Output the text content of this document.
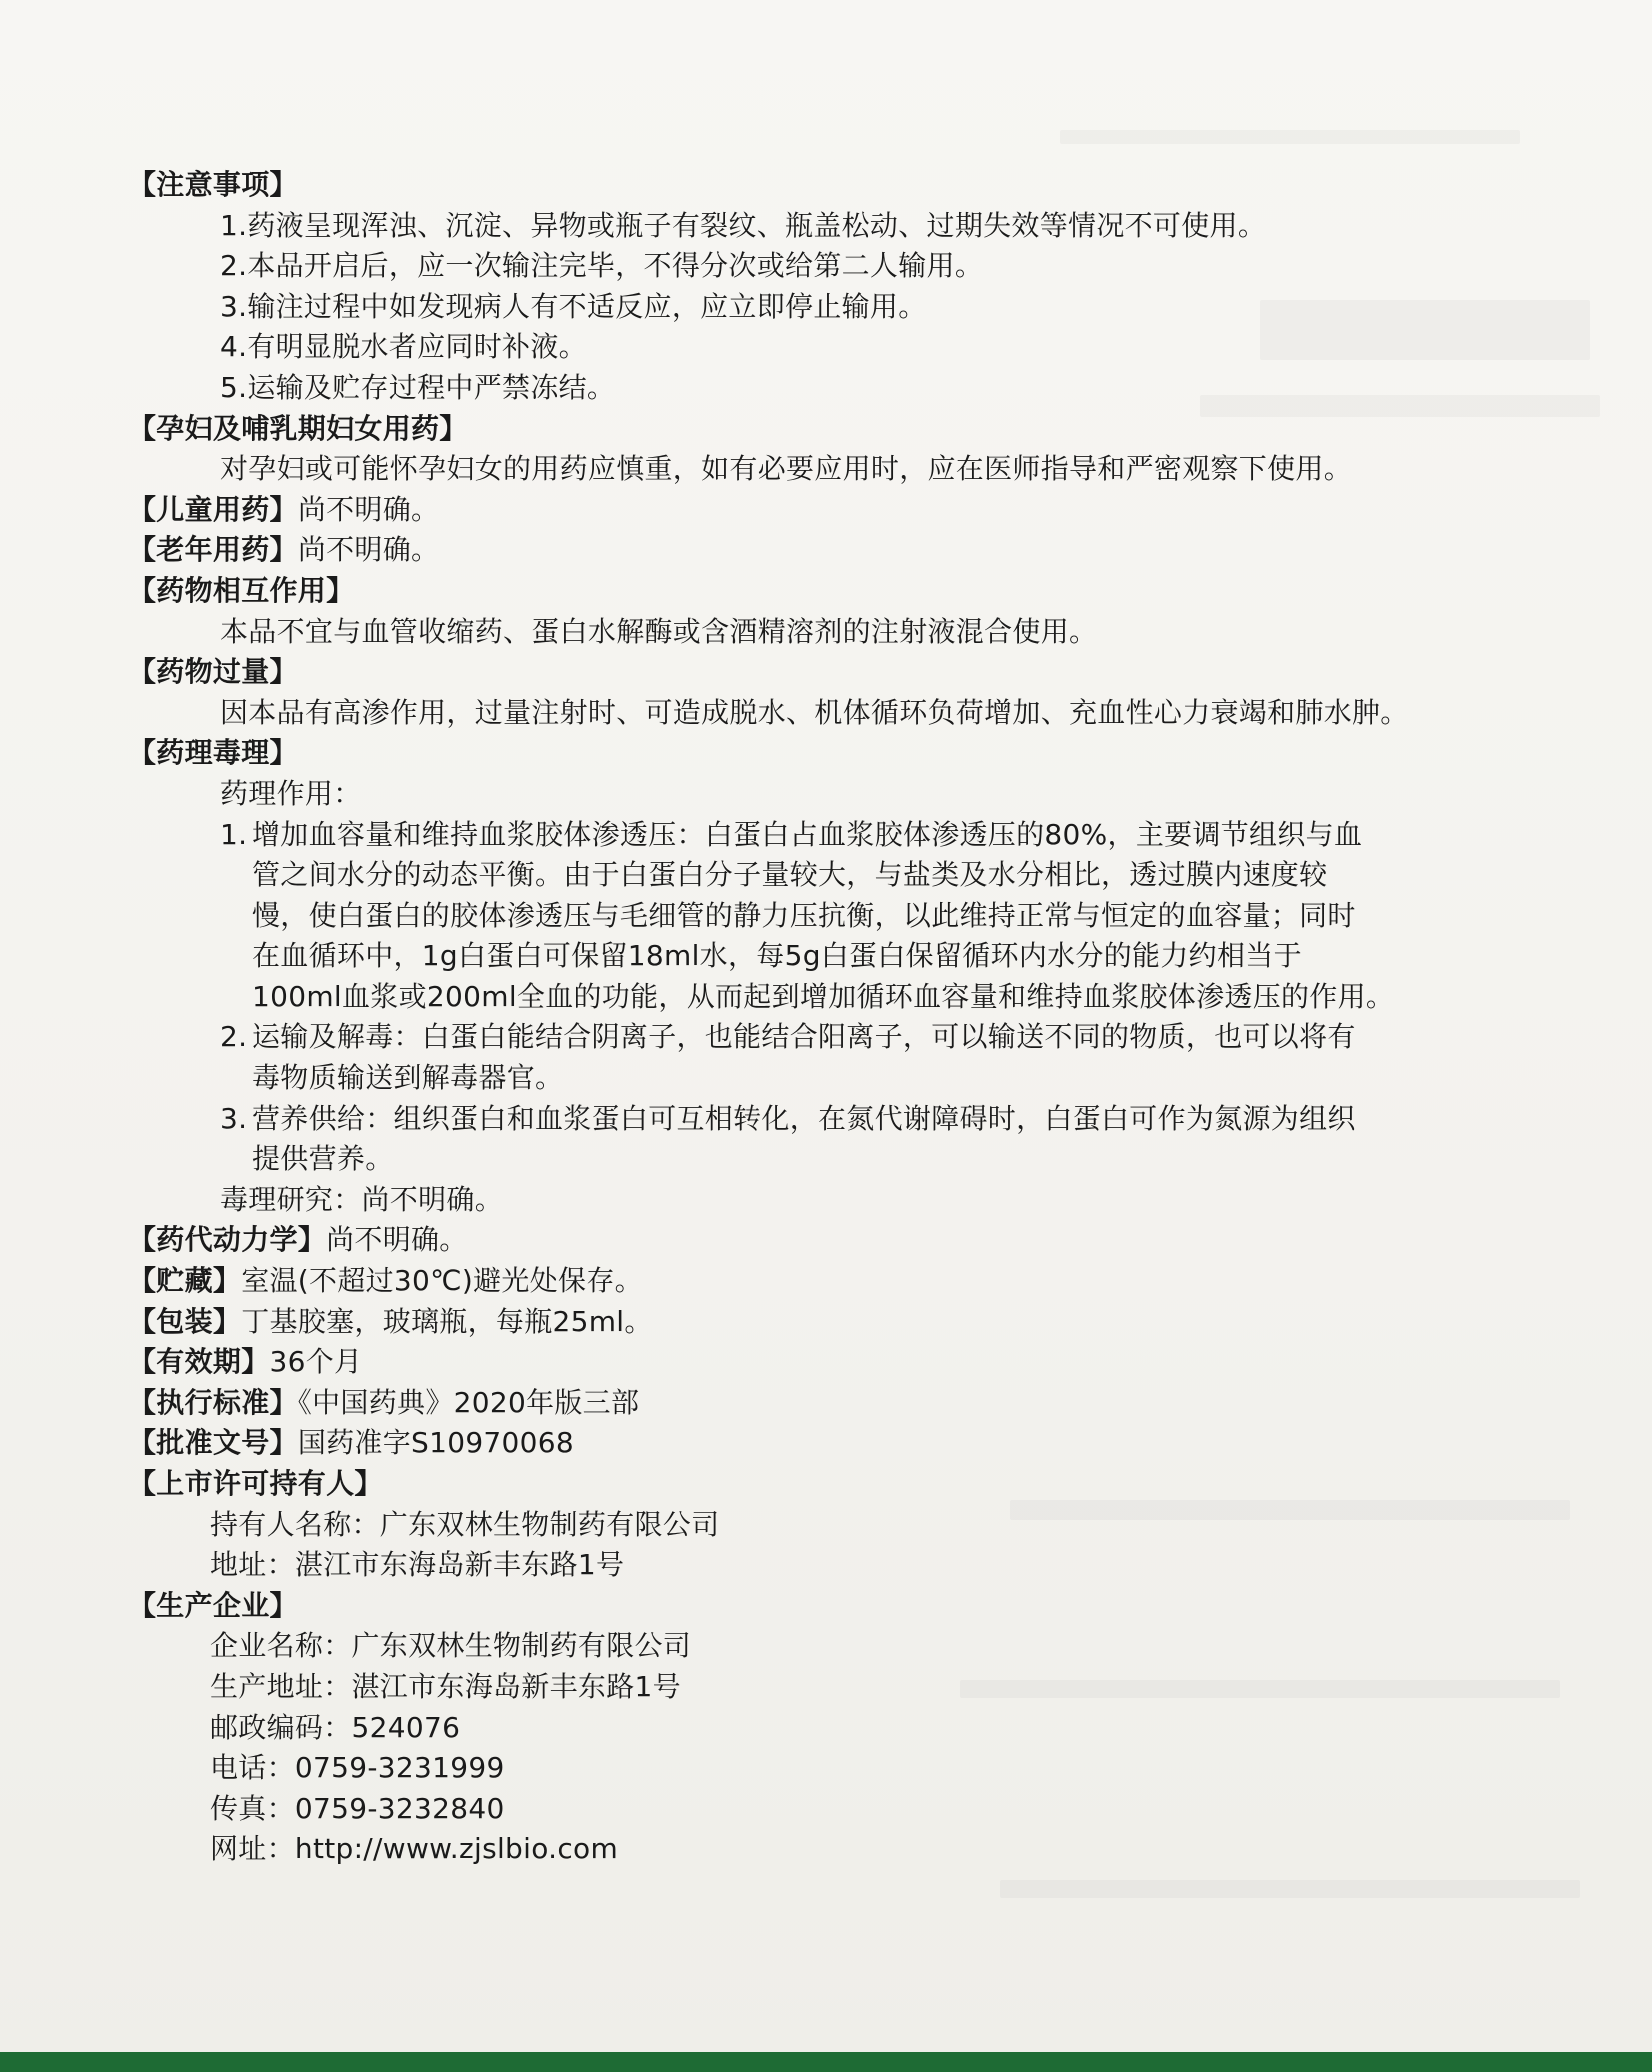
【注意事项】
1.药液呈现浑浊、沉淀、异物或瓶子有裂纹、瓶盖松动、过期失效等情况不可使用。
2.本品开启后，应一次输注完毕，不得分次或给第二人输用。
3.输注过程中如发现病人有不适反应，应立即停止输用。
4.有明显脱水者应同时补液。
5.运输及贮存过程中严禁冻结。
【孕妇及哺乳期妇女用药】
对孕妇或可能怀孕妇女的用药应慎重，如有必要应用时，应在医师指导和严密观察下使用。
【儿童用药】尚不明确。
【老年用药】尚不明确。
【药物相互作用】
本品不宜与血管收缩药、蛋白水解酶或含酒精溶剂的注射液混合使用。
【药物过量】
因本品有高渗作用，过量注射时、可造成脱水、机体循环负荷增加、充血性心力衰竭和肺水肿。
【药理毒理】
药理作用：
1. 增加血容量和维持血浆胶体渗透压：白蛋白占血浆胶体渗透压的80%，主要调节组织与血
管之间水分的动态平衡。由于白蛋白分子量较大，与盐类及水分相比，透过膜内速度较
慢，使白蛋白的胶体渗透压与毛细管的静力压抗衡，以此维持正常与恒定的血容量；同时
在血循环中，1g白蛋白可保留18ml水，每5g白蛋白保留循环内水分的能力约相当于
100ml血浆或200ml全血的功能，从而起到增加循环血容量和维持血浆胶体渗透压的作用。
2. 运输及解毒：白蛋白能结合阴离子，也能结合阳离子，可以输送不同的物质，也可以将有
毒物质输送到解毒器官。
3. 营养供给：组织蛋白和血浆蛋白可互相转化，在氮代谢障碍时，白蛋白可作为氮源为组织
提供营养。
毒理研究：尚不明确。
【药代动力学】尚不明确。
【贮藏】室温(不超过30℃)避光处保存。
【包装】丁基胶塞，玻璃瓶，每瓶25ml。
【有效期】36个月
【执行标准】《中国药典》2020年版三部
【批准文号】国药准字S10970068
【上市许可持有人】
持有人名称：广东双林生物制药有限公司
地址：湛江市东海岛新丰东路1号
【生产企业】
企业名称：广东双林生物制药有限公司
生产地址：湛江市东海岛新丰东路1号
邮政编码：524076
电话：0759-3231999
传真：0759-3232840
网址：http://www.zjslbio.com
